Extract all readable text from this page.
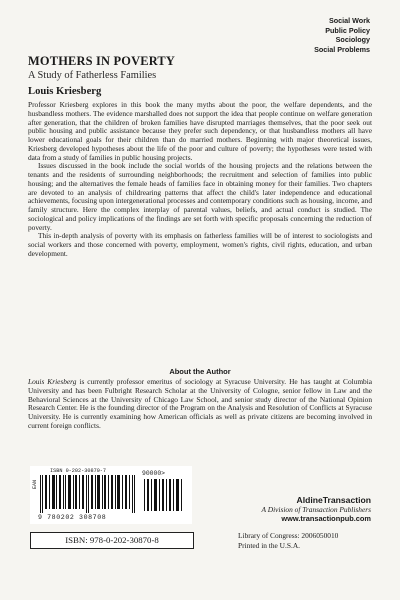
Social Work
Public Policy
Sociology
Social Problems
MOTHERS IN POVERTY
A Study of Fatherless Families
Louis Kriesberg

Professor Kriesberg explores in this book the many myths about the poor, the welfare dependents, and the husbandless mothers. The evidence marshalled does not support the idea that people continue on welfare generation after generation, that the children of broken families have disrupted marriages themselves, that the poor seek out public housing and public assistance because they prefer such dependency, or that husbandless mothers all have lower educational goals for their children than do married mothers. Beginning with major theoretical issues, Kriesberg developed hypotheses about the life of the poor and culture of poverty; the hypotheses were tested with data from a study of families in public housing projects.

Issues discussed in the book include the social worlds of the housing projects and the relations between the tenants and the residents of surrounding neighborhoods; the recruitment and selection of families into public housing; and the alternatives the female heads of families face in obtaining money for their families. Two chapters are devoted to an analysis of childrearing patterns that affect the child's later independence and educational achievements, focusing upon intergenerational processes and contemporary conditions such as housing, income, and family structure. Here the complex interplay of parental values, beliefs, and actual conduct is studied. The sociological and policy implications of the findings are set forth with specific proposals concerning the reduction of poverty.

This in-depth analysis of poverty with its emphasis on fatherless families will be of interest to sociologists and social workers and those concerned with poverty, employment, women's rights, civil rights, education, and urban development.

About the Author
Louis Kriesberg is currently professor emeritus of sociology at Syracuse University. He has taught at Columbia University and has been Fulbright Research Scholar at the University of Cologne, senior fellow in Law and the Behavioral Sciences at the University of Chicago Law School, and senior study director of the National Opinion Research Center. He is the founding director of the Program on the Analysis and Resolution of Conflicts at Syracuse University. He is currently examining how American officials as well as private citizens are becoming involved in current foreign conflicts.
ISBN 0-202-30870-7	90000>
EAN
9 780202 308708
ISBN: 978-0-202-30870-8
AldineTransaction
A Division of Transaction Publishers
www.transactionpub.com
Library of Congress: 2006050010
Printed in the U.S.A.
